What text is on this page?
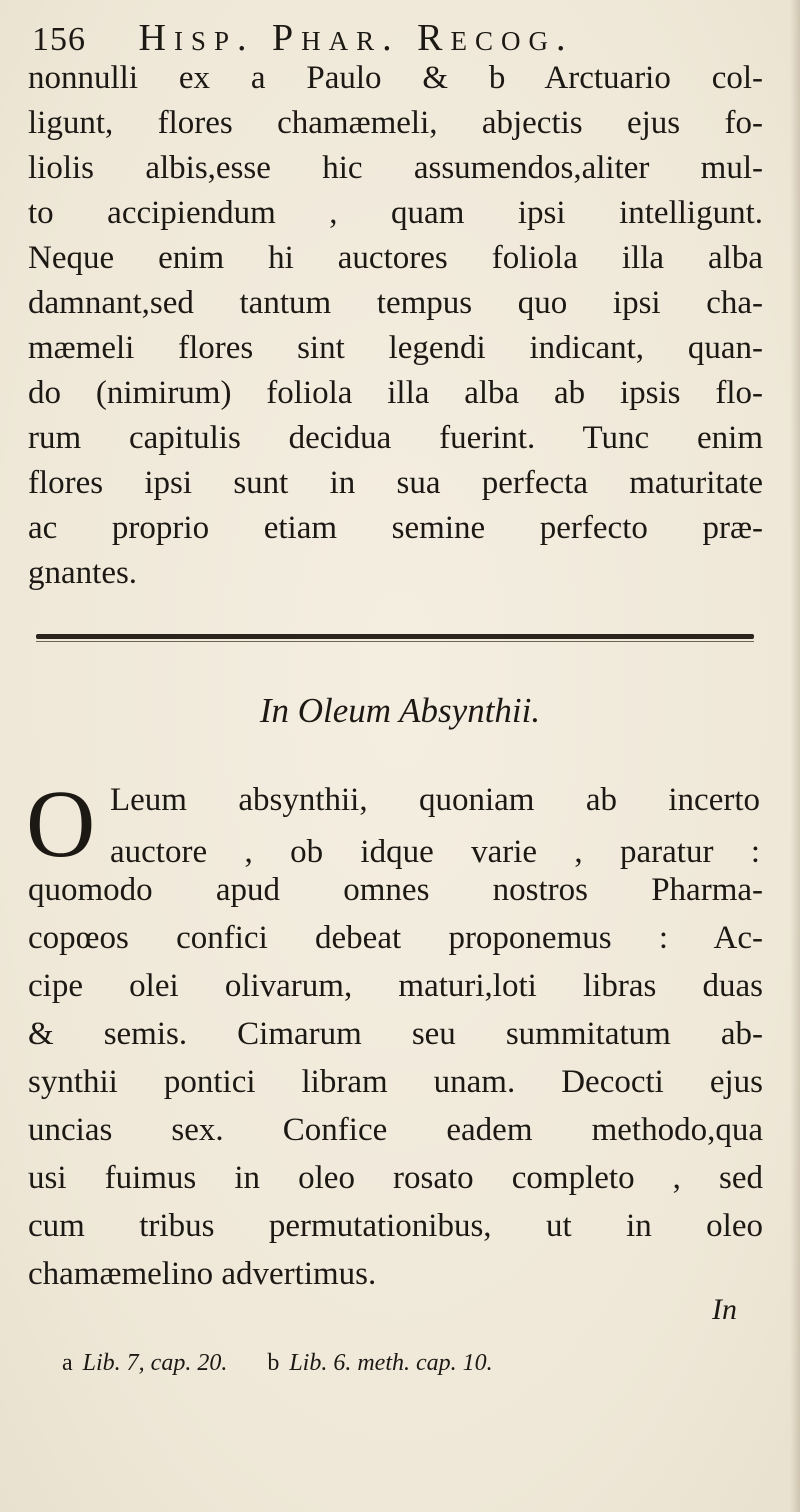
156 Hisp. Phar. Recog.
nonnulli ex a Paulo & b Arctuario col-
ligunt, flores chamæmeli, abjectis ejus fo-
liolis albis,esse hic assumendos,aliter mul-
to accipiendum , quam ipsi intelligunt.
Neque enim hi auctores foliola illa alba
damnant,sed tantum tempus quo ipsi cha-
mæmeli flores sint legendi indicant, quan-
do (nimirum) foliola illa alba ab ipsis flo-
rum capitulis decidua fuerint. Tunc enim
flores ipsi sunt in sua perfecta maturitate
ac proprio etiam semine perfecto præ-
gnantes.
In Oleum Absynthii.
O Leum absynthii, quoniam ab incerto
auctore , ob idque varie , paratur :
quomodo apud omnes nostros Pharma-
copœos confici debeat proponemus : Ac-
cipe olei olivarum, maturi,loti libras duas
& semis. Cimarum seu summitatum ab-
synthii pontici libram unam. Decocti ejus
uncias sex. Confice eadem methodo,qua
usi fuimus in oleo rosato completo , sed
cum tribus permutationibus, ut in oleo
chamæmelino advertimus.
In
a Lib. 7, cap. 20. b Lib. 6. meth. cap. 10.
